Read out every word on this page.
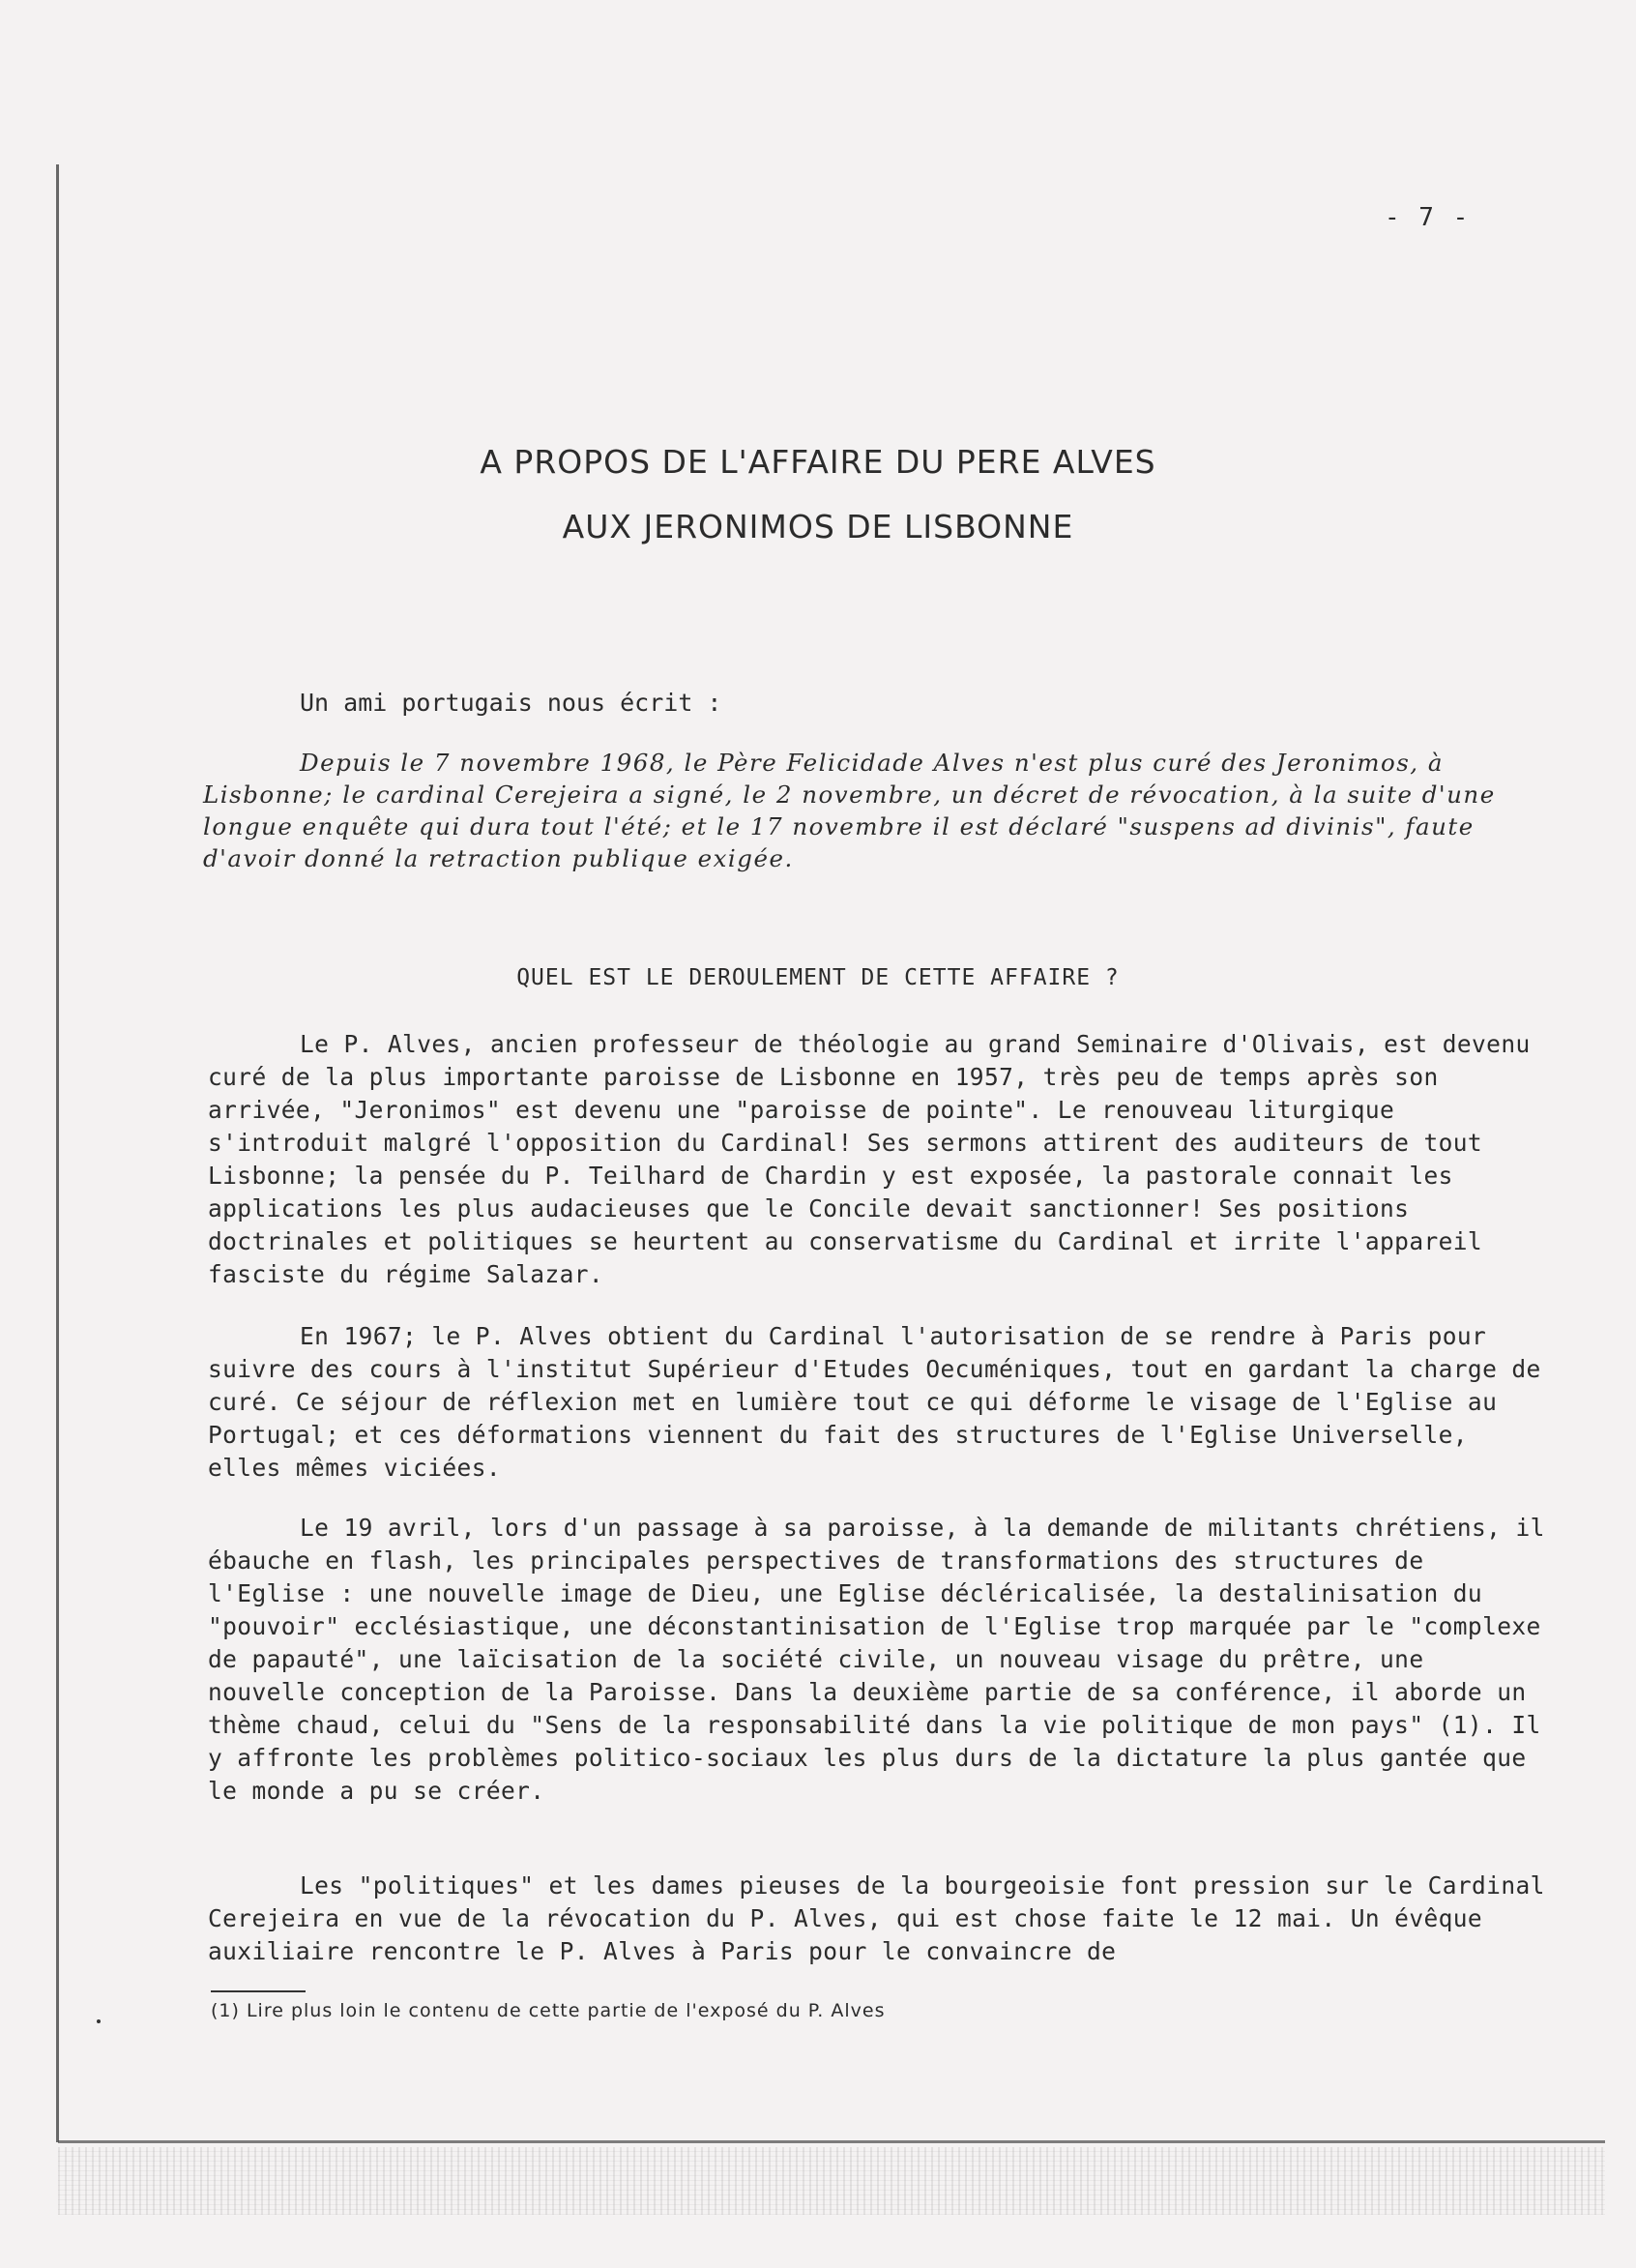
- 7 -
A PROPOS DE L'AFFAIRE DU PERE ALVES
AUX JERONIMOS DE LISBONNE
Un ami portugais nous écrit :
Depuis le 7 novembre 1968, le Père Felicidade Alves n'est plus curé des Jeronimos, à Lisbonne; le cardinal Cerejeira a signé, le 2 novembre, un décret de révocation, à la suite d'une longue enquête qui dura tout l'été; et le 17 novembre il est déclaré "suspens ad divinis", faute d'avoir donné la retraction publique exigée.
QUEL EST LE DEROULEMENT DE CETTE AFFAIRE ?
Le P. Alves, ancien professeur de théologie au grand Seminaire d'Olivais, est devenu curé de la plus importante paroisse de Lisbonne en 1957, très peu de temps après son arrivée, "Jeronimos" est devenu une "paroisse de pointe". Le renouveau liturgique s'introduit malgré l'opposition du Cardinal! Ses sermons attirent des auditeurs de tout Lisbonne; la pensée du P. Teilhard de Chardin y est exposée, la pastorale connait les applications les plus audacieuses que le Concile devait sanctionner! Ses positions doctrinales et politiques se heurtent au conservatisme du Cardinal et irrite l'appareil fasciste du régime Salazar.
En 1967; le P. Alves obtient du Cardinal l'autorisation de se rendre à Paris pour suivre des cours à l'institut Supérieur d'Etudes Oecuméniques, tout en gardant la charge de curé. Ce séjour de réflexion met en lumière tout ce qui déforme le visage de l'Eglise au Portugal; et ces déformations viennent du fait des structures de l'Eglise Universelle, elles mêmes viciées.
Le 19 avril, lors d'un passage à sa paroisse, à la demande de militants chrétiens, il ébauche en flash, les principales perspectives de transformations des structures de l'Eglise : une nouvelle image de Dieu, une Eglise décléricalisée, la destalinisation du "pouvoir" ecclésiastique, une déconstantinisation de l'Eglise trop marquée par le "complexe de papauté", une laïcisation de la société civile, un nouveau visage du prêtre, une nouvelle conception de la Paroisse. Dans la deuxième partie de sa conférence, il aborde un thème chaud, celui du "Sens de la responsabilité dans la vie politique de mon pays" (1). Il y affronte les problèmes politico-sociaux les plus durs de la dictature la plus gantée que le monde a pu se créer.
Les "politiques" et les dames pieuses de la bourgeoisie font pression sur le Cardinal Cerejeira en vue de la révocation du P. Alves, qui est chose faite le 12 mai. Un évêque auxiliaire rencontre le P. Alves à Paris pour le convaincre de
(1) Lire plus loin le contenu de cette partie de l'exposé du P. Alves
